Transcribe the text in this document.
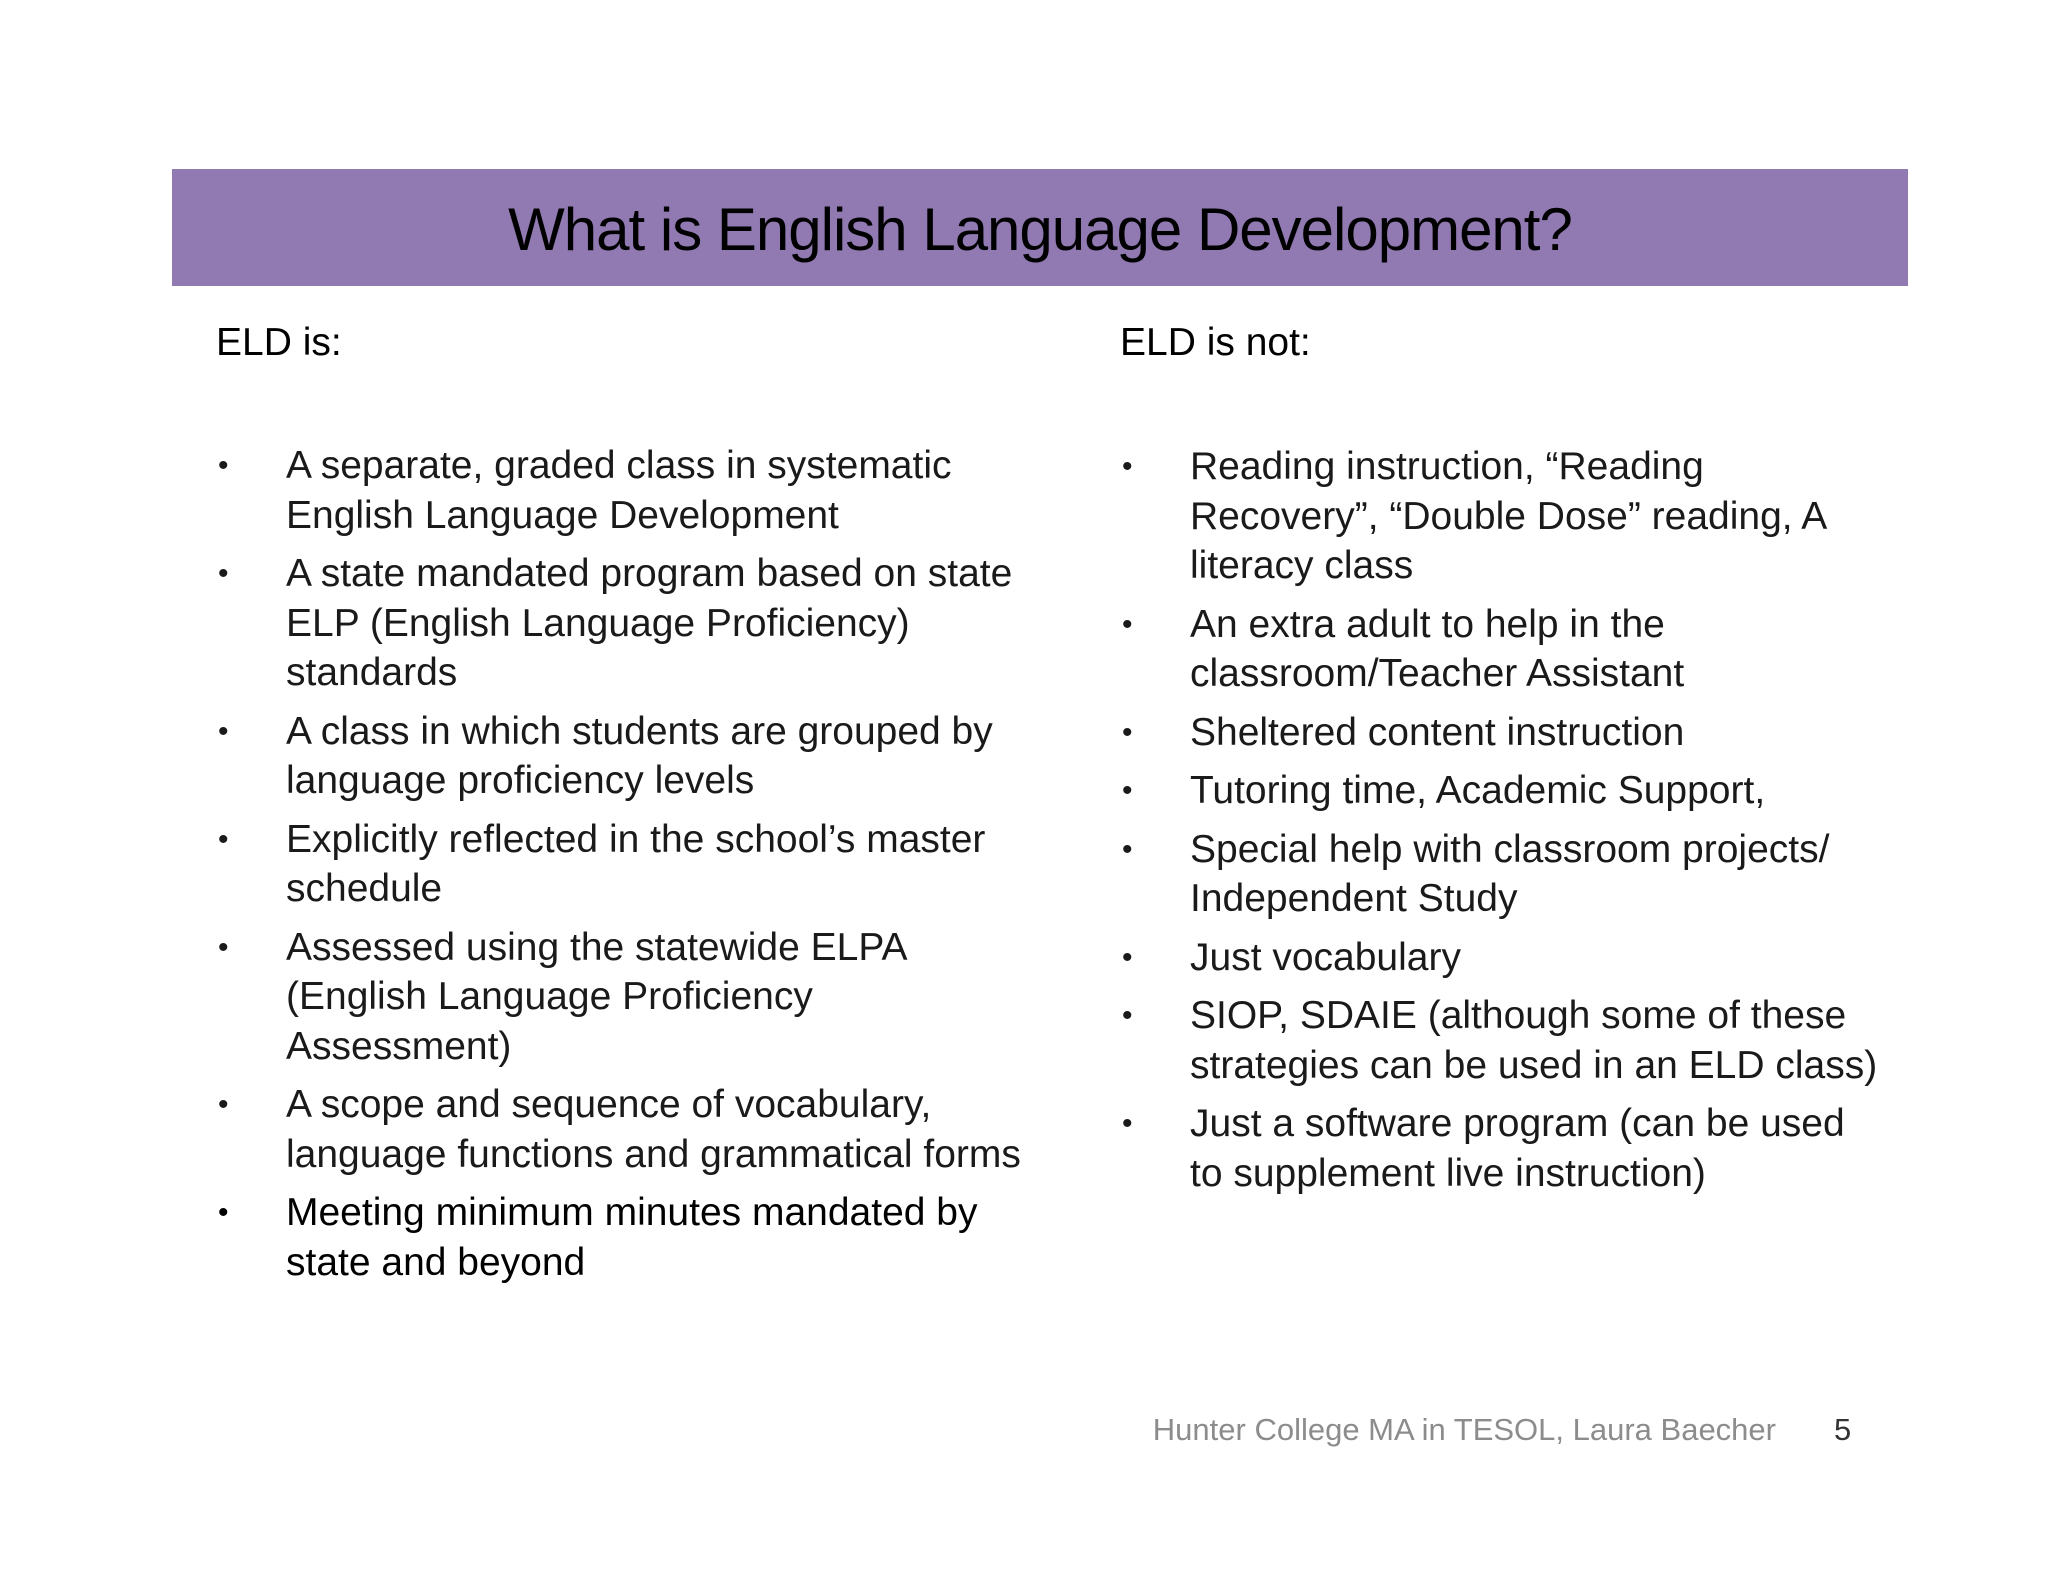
What is English Language Development?
ELD is:
• A separate, graded class in systematic English Language Development
• A state mandated program based on state ELP (English Language Proficiency) standards
• A class in which students are grouped by language proficiency levels
• Explicitly reflected in the school’s master schedule
• Assessed using the statewide ELPA (English Language Proficiency Assessment)
• A scope and sequence of vocabulary, language functions and grammatical forms
• Meeting minimum minutes mandated by state and beyond
ELD is not:
• Reading instruction, “Reading Recovery”, “Double Dose” reading, A literacy class
• An extra adult to help in the classroom/Teacher Assistant
• Sheltered content instruction
• Tutoring time, Academic Support,
• Special help with classroom projects/ Independent Study
• Just vocabulary
• SIOP, SDAIE (although some of these strategies can be used in an ELD class)
• Just a software program (can be used to supplement live instruction)
Hunter College MA in TESOL, Laura Baecher 5
